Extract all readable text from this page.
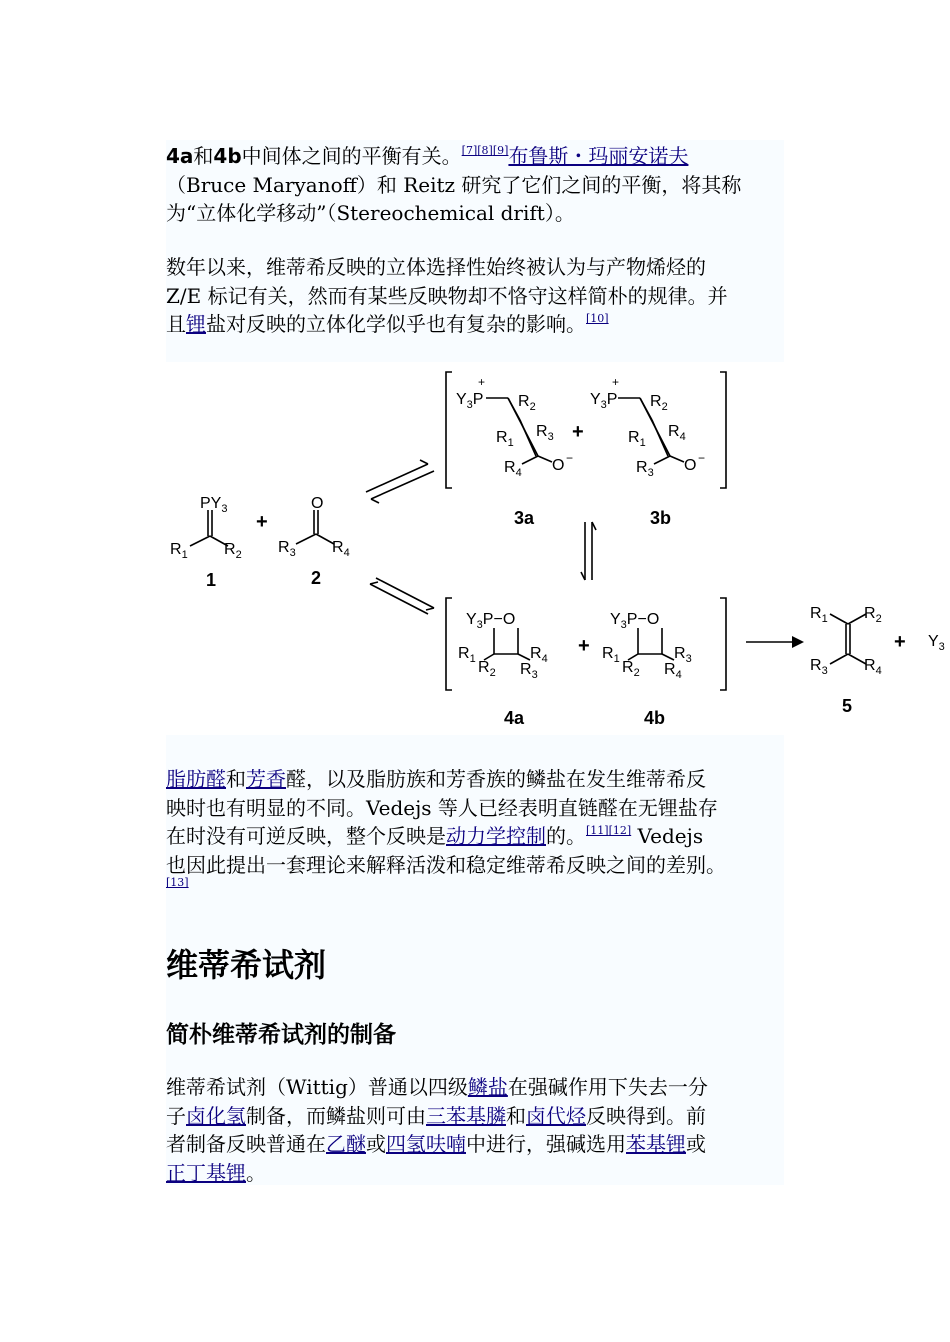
4a和4b中间体之间的平衡有关。[7][8][9]布鲁斯・玛丽安诺夫
（Bruce Maryanoff）和 Reitz 研究了它们之间的平衡，将其称
为“立体化学移动”（Stereochemical drift）。
数年以来，维蒂希反映的立体选择性始终被认为与产物烯烃的
Z/E 标记有关，然而有某些反映物却不恪守这样简朴的规律。并
且锂盐对反映的立体化学似乎也有复杂的影响。[10]
$PY_3$
$R_1$ $R_2$
O
$R_3$ $R_4$
$Y_3P$
+
$R_2$
$R_1$
$R_3$
$R_4$ O −
$Y_3P$
+
$R_2$
$R_1$
$R_4$
$R_3$ O −
$Y_3P-O$
$R_1$ $R_2$
$R_4$
$R_3$
$Y_3P-O$
$R_1$ $R_2$
$R_3$
$R_4$
$R_1$ $R_2$
$R_3$ $R_4$
$Y_3$
+
+
+	+
1	2
3a	3b
4a	4b
5
脂肪醛和芳香醛，以及脂肪族和芳香族的鳞盐在发生维蒂希反
映时也有明显的不同。Vedejs 等人已经表明直链醛在无锂盐存
在时没有可逆反映，整个反映是动力学控制的。[11][12] Vedejs
也因此提出一套理论来解释活泼和稳定维蒂希反映之间的差别。
[13]
维蒂希试剂
简朴维蒂希试剂的制备
维蒂希试剂（Wittig）普通以四级鳞盐在强碱作用下失去一分
子卤化氢制备，而鳞盐则可由三苯基膦和卤代烃反映得到。前
者制备反映普通在乙醚或四氢呋喃中进行，强碱选用苯基锂或
正丁基锂。
